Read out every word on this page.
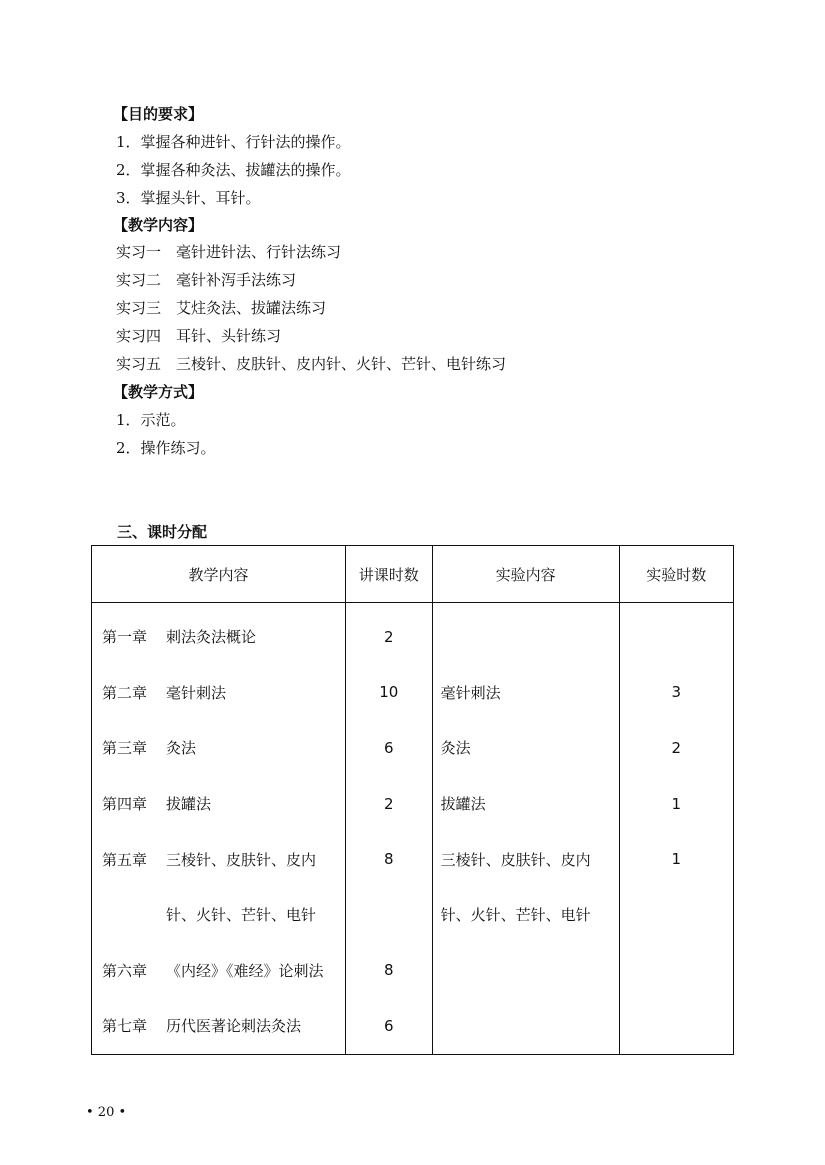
【目的要求】
1．掌握各种进针、行针法的操作。
2．掌握各种灸法、拔罐法的操作。
3．掌握头针、耳针。
【教学内容】
实习一　毫针进针法、行针法练习
实习二　毫针补泻手法练习
实习三　艾炷灸法、拔罐法练习
实习四　耳针、头针练习
实习五　三棱针、皮肤针、皮内针、火针、芒针、电针练习
【教学方式】
1．示范。
2．操作练习。
三、课时分配
教学内容	讲课时数	实验内容	实验时数
第一章 刺法灸法概论	2		
第二章 毫针刺法	10	毫针刺法	3
第三章 灸法	6	灸法	2
第四章 拔罐法	2	拔罐法	1
第五章 三棱针、皮肤针、皮内	8	三棱针、皮肤针、皮内	1
针、火针、芒针、电针		针、火针、芒针、电针	
第六章 《内经》《难经》论刺法	8		
第七章 历代医著论刺法灸法	6		
• 20 •
